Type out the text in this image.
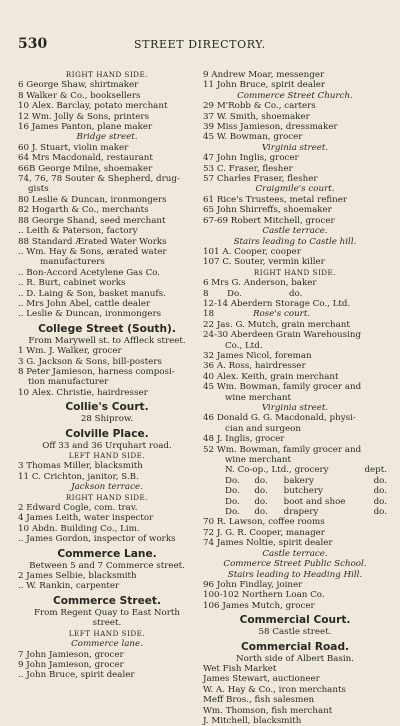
530	STREET DIRECTORY.
RIGHT HAND SIDE.
6 George Shaw, shirtmaker
8 Walker & Co., booksellers
10 Alex. Barclay, potato merchant
12 Wm. Jolly & Sons, printers
16 James Panton, plane maker
Bridge street.
60 J. Stuart, violin maker
64 Mrs Macdonald, restaurant
66B George Milne, shoemaker
74, 76, 78 Souter & Shepherd, drug-
gists
80 Leslie & Duncan, ironmongers
82 Hogarth & Co., merchants
88 George Shand, seed merchant
.. Leith & Paterson, factory
88 Standard Ærated Water Works
.. Wm. Hay & Sons, ærated water
manufacturers
.. Bon-Accord Acetylene Gas Co.
.. R. Burt, cabinet works
.. D. Laing & Son, basket manufs.
.. Mrs John Abel, cattle dealer
.. Leslie & Duncan, ironmongers
College Street (South).
From Marywell st. to Affleck street.
1 Wm. J. Walker, grocer
3 G. Jackson & Sons, bill-posters
8 Peter Jamieson, harness composi-
tion manufacturer
10 Alex. Christie, hairdresser
Collie's Court.
28 Shiprow.
Colville Place.
Off 33 and 36 Urquhart road.
LEFT HAND SIDE.
3 Thomas Miller, blacksmith
11 C. Crichton, janitor, S.B.
Jackson terrace.
RIGHT HAND SIDE.
2 Edward Cogle, com. trav.
4 James Leith, water inspector
10 Abdn. Building Co., Lim.
.. James Gordon, inspector of works
Commerce Lane.
Between 5 and 7 Commerce street.
2 James Selbie, blacksmith
.. W. Rankin, carpenter
Commerce Street.
From Regent Quay to East North
street.
LEFT HAND SIDE.
Commerce lane.
7 John Jamieson, grocer
9 John Jamieson, grocer
.. John Bruce, spirit dealer
9 Andrew Moar, messenger
11 John Bruce, spirit dealer
Commerce Street Church.
29 M'Robb & Co., carters
37 W. Smith, shoemaker
39 Miss Jamieson, dressmaker
45 W. Bowman, grocer
Virginia street.
47 John Inglis, grocer
53 C. Fraser, flesher
57 Charles Fraser, flesher
Craigmile's court.
61 Rice's Trustees, metal refiner
65 John Shirreffs, shoemaker
67-69 Robert Mitchell, grocer
Castle terrace.
Stairs leading to Castle hill.
101 A. Cooper, cooper
107 C. Souter, vermin killer
RIGHT HAND SIDE.
6 Mrs G. Anderson, baker
8	Do.	do.
12-14 Aberdern Storage Co., Ltd.
18	Rose's court.
22 Jas. G. Mutch, grain merchant
24-30 Aberdeen Grain Warehousing
Co., Ltd.
32 James Nicol, foreman
36 A. Ross, hairdresser
40 Alex. Keith, grain merchant
45 Wm. Bowman, family grocer and
wine merchant
Virginia street.
46 Donald G. G. Macdonald, physi-
cian and surgeon
48 J. Inglis, grocer
52 Wm. Bowman, family grocer and
wine merchant
N. Co-op., Ltd., grocery	dept.
Do.	do.	bakery	do.
Do.	do.	butchery	do.
Do.	do.	boot and shoe	do.
Do.	do.	drapery	do.
70 R. Lawson, coffee rooms
72 J. G. R. Cooper, manager
74 James Noltie, spirit dealer
Castle terrace.
Commerce Street Public School.
Stairs leading to Heading Hill.
96 John Findlay, joiner
100-102 Northern Loan Co.
106 James Mutch, grocer
Commercial Court.
58 Castle street.
Commercial Road.
North side of Albert Basin.
Wet Fish Market
James Stewart, auctioneer
W. A. Hay & Co., iron merchants
Meff Bros., fish salesmen
Wm. Thomson, fish merchant
J. Mitchell, blacksmith
